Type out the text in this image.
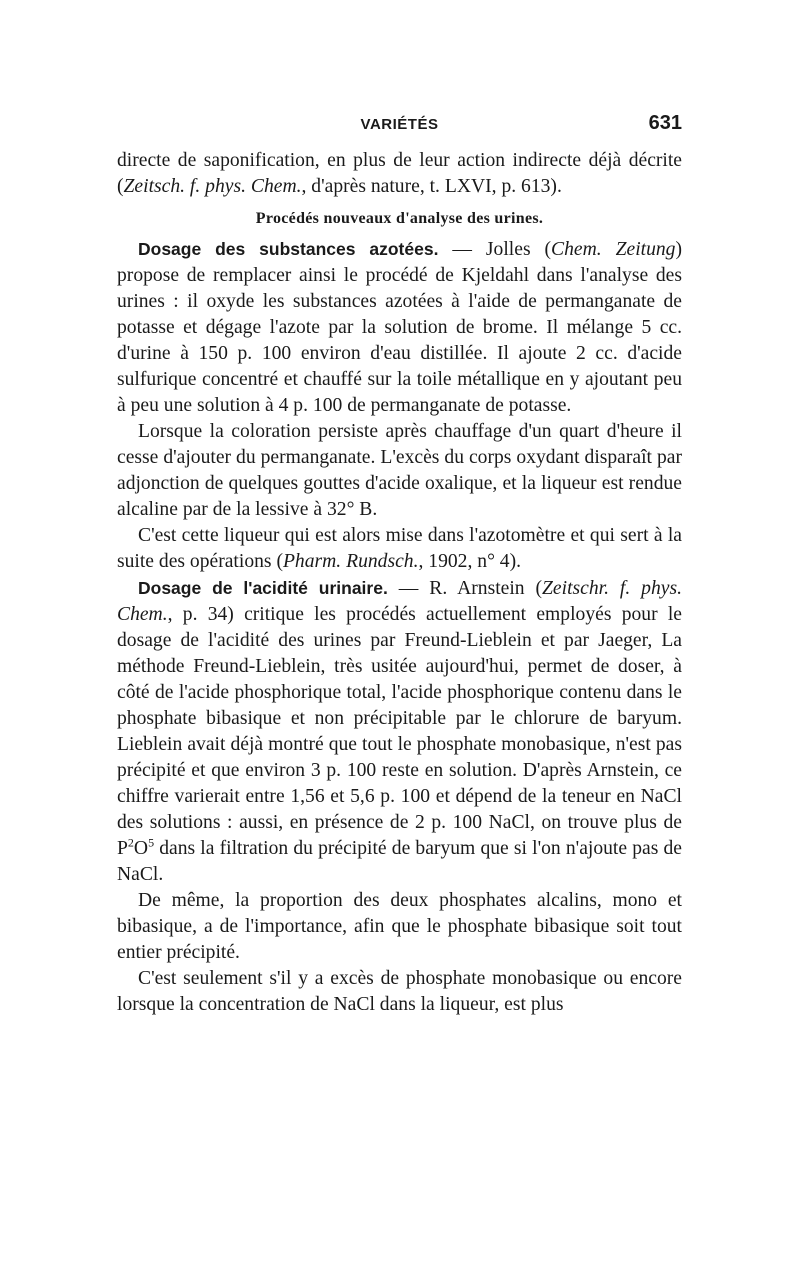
VARIÉTÉS	631

directe de saponification, en plus de leur action indirecte déjà décrite (Zeitsch. f. phys. Chem., d'après nature, t. LXVI, p. 613).

Procédés nouveaux d'analyse des urines.

Dosage des substances azotées. — Jolles (Chem. Zeitung) propose de remplacer ainsi le procédé de Kjeldahl dans l'analyse des urines : il oxyde les substances azotées à l'aide de permanganate de potasse et dégage l'azote par la solution de brome. Il mélange 5 cc. d'urine à 150 p. 100 environ d'eau distillée. Il ajoute 2 cc. d'acide sulfurique concentré et chauffé sur la toile métallique en y ajoutant peu à peu une solution à 4 p. 100 de permanganate de potasse.

Lorsque la coloration persiste après chauffage d'un quart d'heure il cesse d'ajouter du permanganate. L'excès du corps oxydant disparaît par adjonction de quelques gouttes d'acide oxalique, et la liqueur est rendue alcaline par de la lessive à 32° B.

C'est cette liqueur qui est alors mise dans l'azotomètre et qui sert à la suite des opérations (Pharm. Rundsch., 1902, n° 4).

Dosage de l'acidité urinaire. — R. Arnstein (Zeitschr. f. phys. Chem., p. 34) critique les procédés actuellement employés pour le dosage de l'acidité des urines par Freund-Lieblein et par Jaeger, La méthode Freund-Lieblein, très usitée aujourd'hui, permet de doser, à côté de l'acide phosphorique total, l'acide phosphorique contenu dans le phosphate bibasique et non précipitable par le chlorure de baryum. Lieblein avait déjà montré que tout le phosphate monobasique, n'est pas précipité et que environ 3 p. 100 reste en solution. D'après Arnstein, ce chiffre varierait entre 1,56 et 5,6 p. 100 et dépend de la teneur en NaCl des solutions : aussi, en présence de 2 p. 100 NaCl, on trouve plus de $P^2O^5$ dans la filtration du précipité de baryum que si l'on n'ajoute pas de NaCl.

De même, la proportion des deux phosphates alcalins, mono et bibasique, a de l'importance, afin que le phosphate bibasique soit tout entier précipité.

C'est seulement s'il y a excès de phosphate monobasique ou encore lorsque la concentration de NaCl dans la liqueur, est plus
